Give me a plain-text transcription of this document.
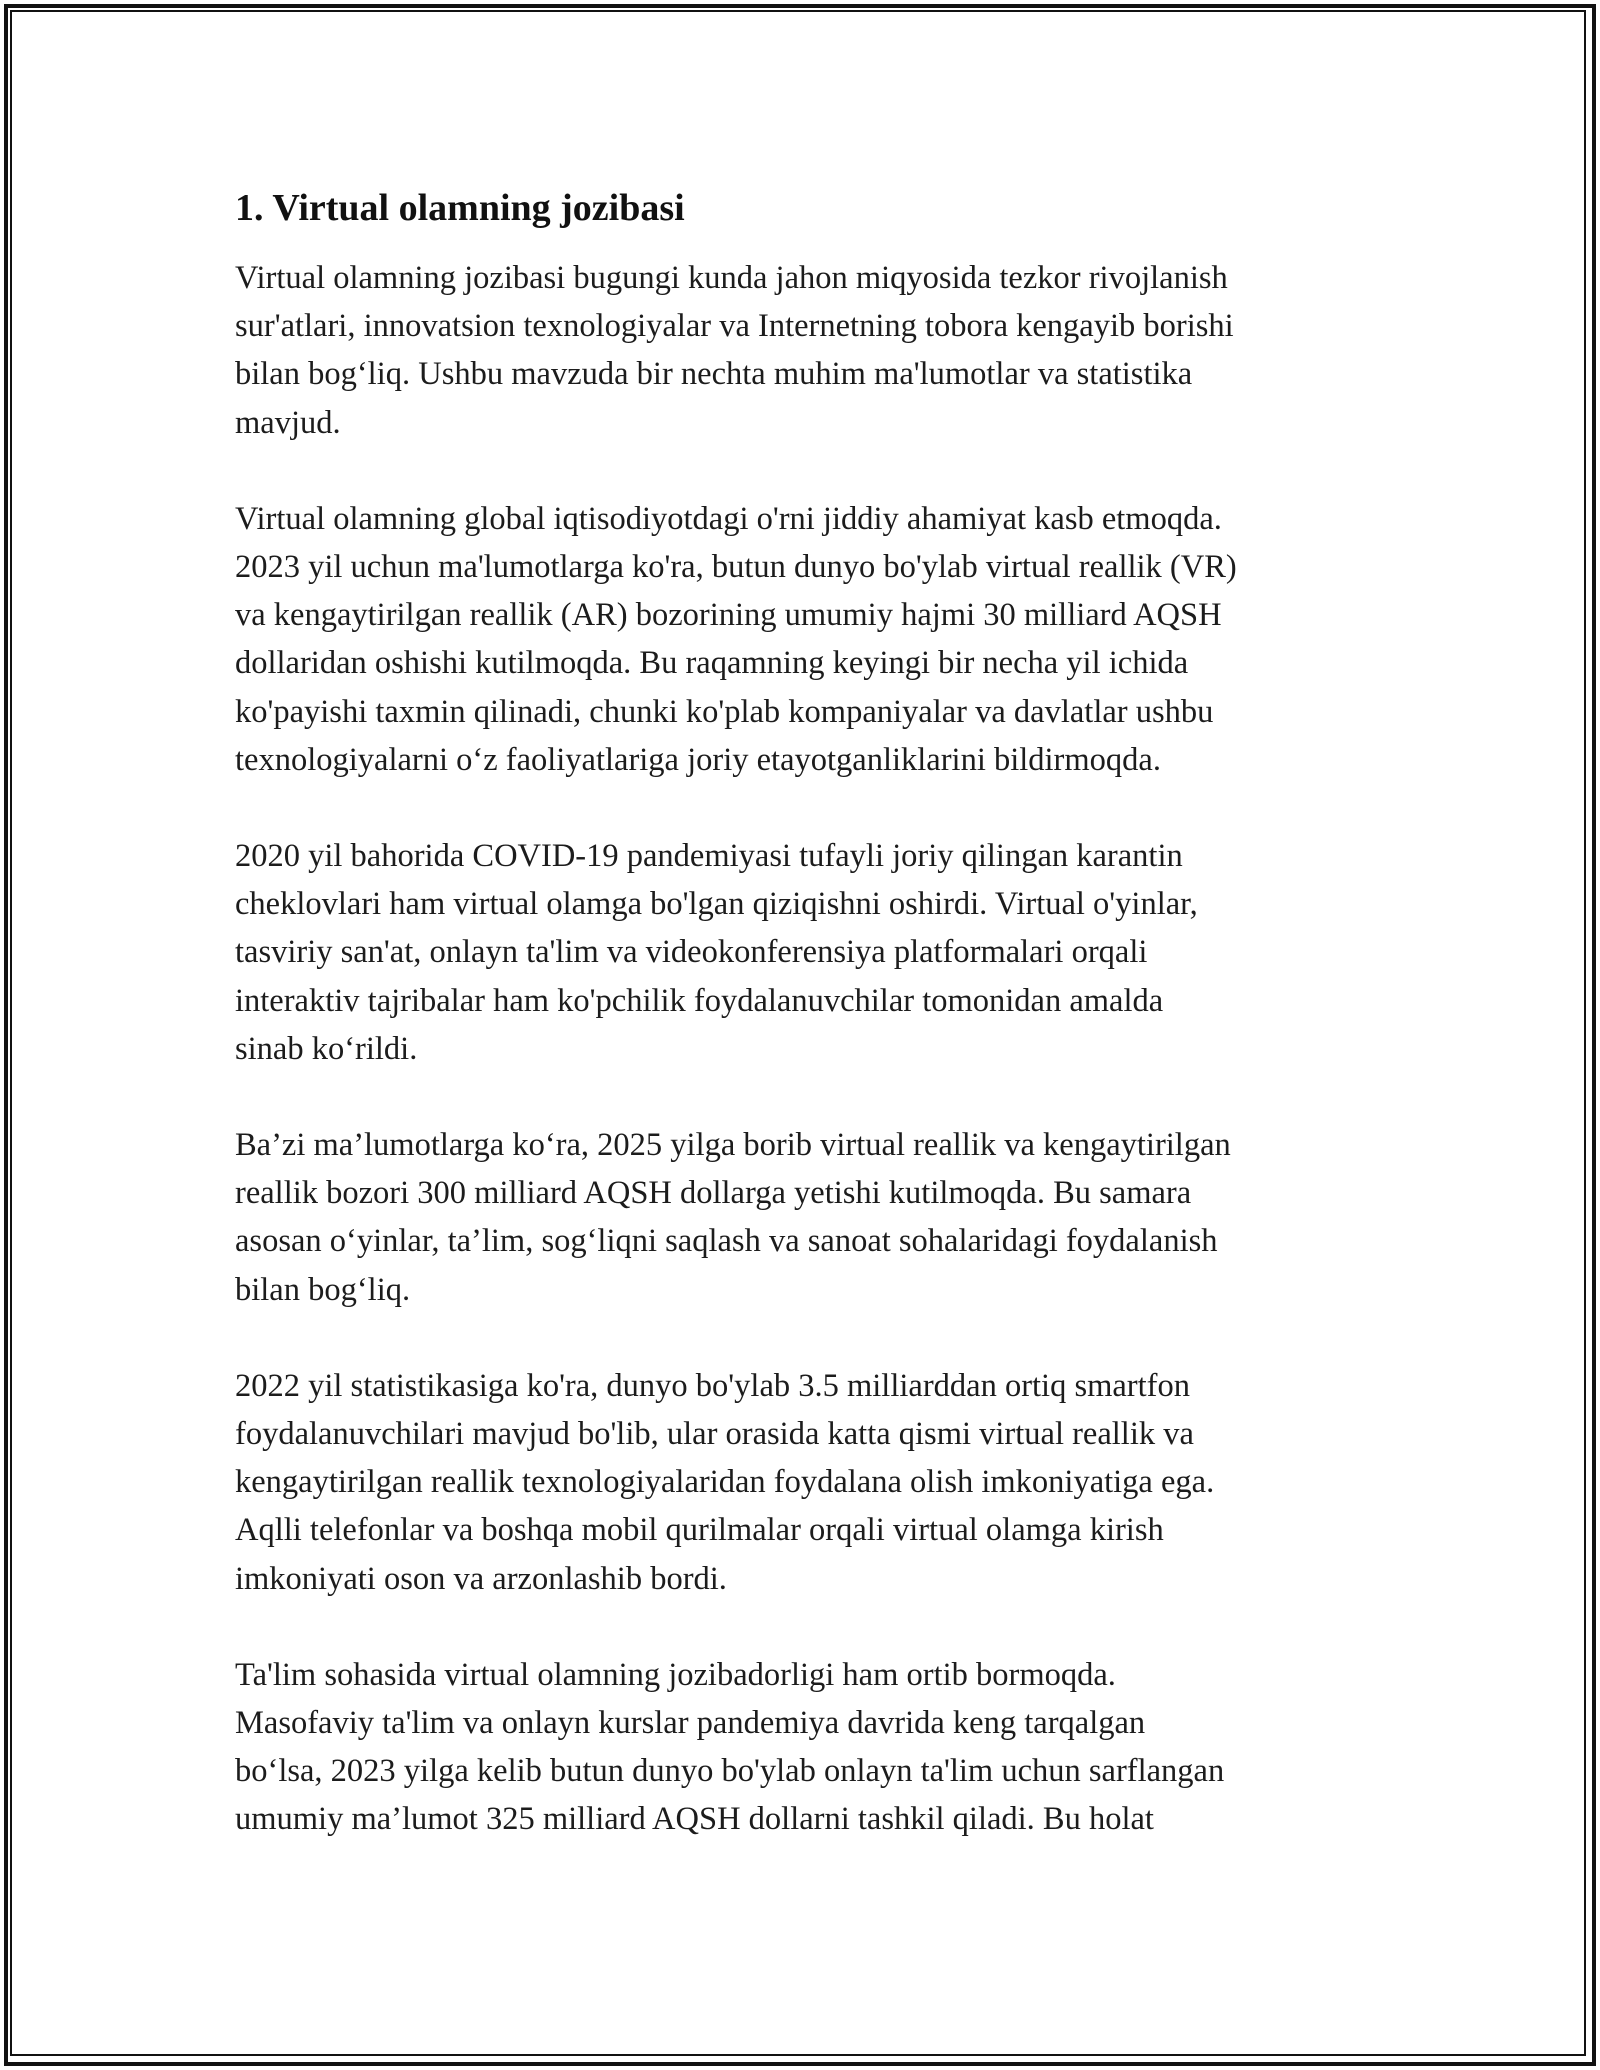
1. Virtual olamning jozibasi

Virtual olamning jozibasi bugungi kunda jahon miqyosida tezkor rivojlanish
sur'atlari, innovatsion texnologiyalar va Internetning tobora kengayib borishi
bilan bog‘liq. Ushbu mavzuda bir nechta muhim ma'lumotlar va statistika
mavjud.

Virtual olamning global iqtisodiyotdagi o'rni jiddiy ahamiyat kasb etmoqda.
2023 yil uchun ma'lumotlarga ko'ra, butun dunyo bo'ylab virtual reallik (VR)
va kengaytirilgan reallik (AR) bozorining umumiy hajmi 30 milliard AQSH
dollaridan oshishi kutilmoqda. Bu raqamning keyingi bir necha yil ichida
ko'payishi taxmin qilinadi, chunki ko'plab kompaniyalar va davlatlar ushbu
texnologiyalarni o‘z faoliyatlariga joriy etayotganliklarini bildirmoqda.

2020 yil bahorida COVID-19 pandemiyasi tufayli joriy qilingan karantin
cheklovlari ham virtual olamga bo'lgan qiziqishni oshirdi. Virtual o'yinlar,
tasviriy san'at, onlayn ta'lim va videokonferensiya platformalari orqali
interaktiv tajribalar ham ko'pchilik foydalanuvchilar tomonidan amalda
sinab ko‘rildi.

Ba’zi ma’lumotlarga ko‘ra, 2025 yilga borib virtual reallik va kengaytirilgan
reallik bozori 300 milliard AQSH dollarga yetishi kutilmoqda. Bu samara
asosan o‘yinlar, ta’lim, sog‘liqni saqlash va sanoat sohalaridagi foydalanish
bilan bog‘liq.

2022 yil statistikasiga ko'ra, dunyo bo'ylab 3.5 milliarddan ortiq smartfon
foydalanuvchilari mavjud bo'lib, ular orasida katta qismi virtual reallik va
kengaytirilgan reallik texnologiyalaridan foydalana olish imkoniyatiga ega.
Aqlli telefonlar va boshqa mobil qurilmalar orqali virtual olamga kirish
imkoniyati oson va arzonlashib bordi.

Ta'lim sohasida virtual olamning jozibadorligi ham ortib bormoqda.
Masofaviy ta'lim va onlayn kurslar pandemiya davrida keng tarqalgan
bo‘lsa, 2023 yilga kelib butun dunyo bo'ylab onlayn ta'lim uchun sarflangan
umumiy ma’lumot 325 milliard AQSH dollarni tashkil qiladi. Bu holat
